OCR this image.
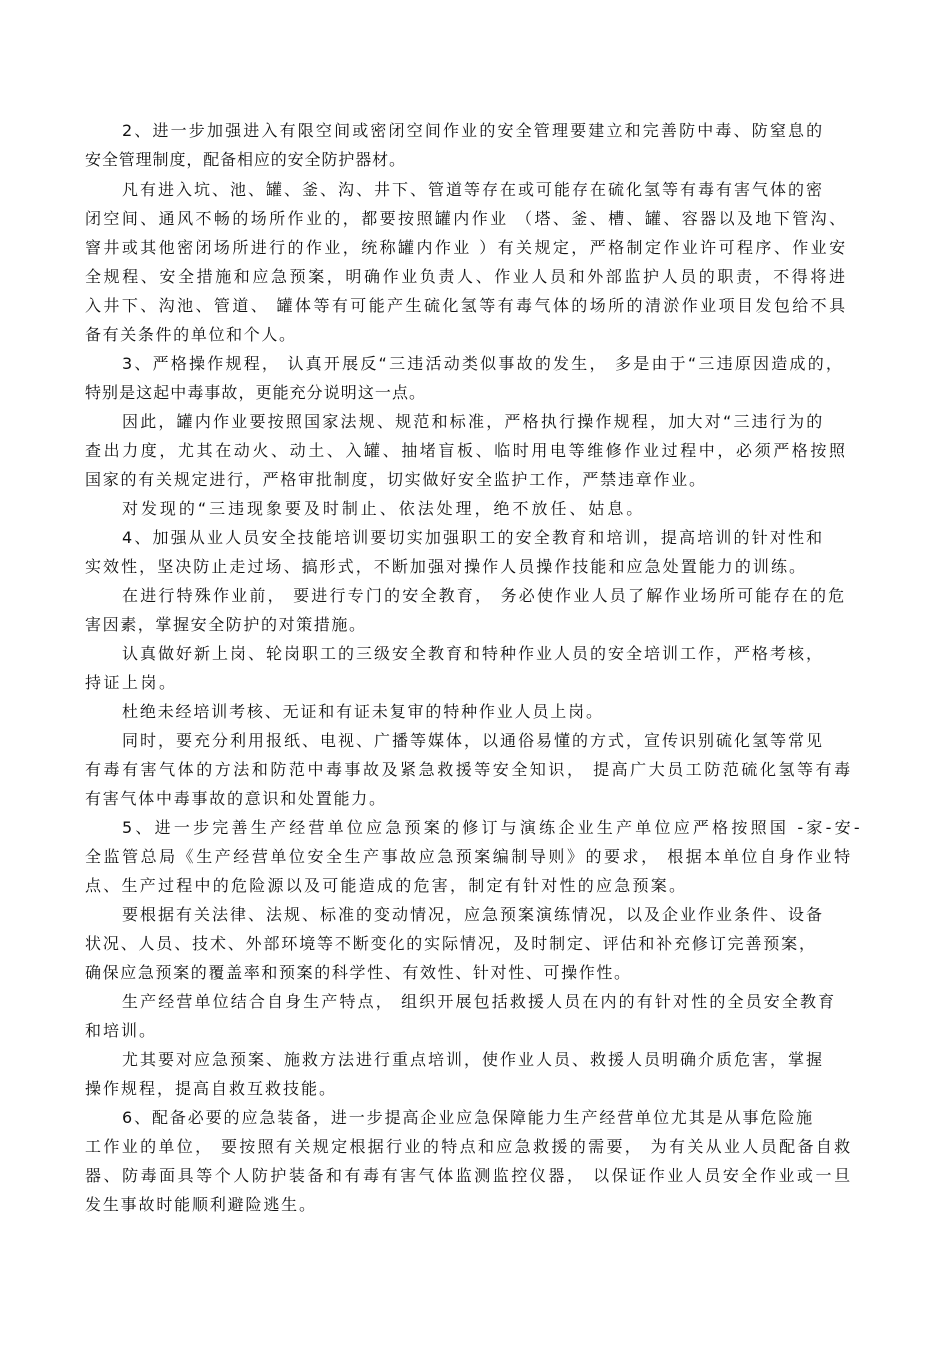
2、进一步加强进入有限空间或密闭空间作业的安全管理要建立和完善防中毒、防窒息的

安全管理制度，配备相应的安全防护器材。

凡有进入坑、池、罐、釜、沟、井下、管道等存在或可能存在硫化氢等有毒有害气体的密

闭空间、通风不畅的场所作业的，都要按照罐内作业 （塔、釜、槽、罐、容器以及地下管沟、

窨井或其他密闭场所进行的作业，统称罐内作业 ）有关规定，严格制定作业许可程序、作业安

全规程、安全措施和应急预案，明确作业负责人、作业人员和外部监护人员的职责，不得将进

入井下、沟池、管道、 罐体等有可能产生硫化氢等有毒气体的场所的清淤作业项目发包给不具

备有关条件的单位和个人。

3、严格操作规程， 认真开展反“三违活动类似事故的发生， 多是由于“三违原因造成的，

特别是这起中毒事故，更能充分说明这一点。

因此，罐内作业要按照国家法规、规范和标准，严格执行操作规程，加大对“三违行为的

查出力度，尤其在动火、动土、入罐、抽堵盲板、临时用电等维修作业过程中，必须严格按照

国家的有关规定进行，严格审批制度，切实做好安全监护工作，严禁违章作业。

对发现的“三违现象要及时制止、依法处理，绝不放任、姑息。

4、加强从业人员安全技能培训要切实加强职工的安全教育和培训，提高培训的针对性和

实效性，坚决防止走过场、搞形式，不断加强对操作人员操作技能和应急处置能力的训练。

在进行特殊作业前， 要进行专门的安全教育， 务必使作业人员了解作业场所可能存在的危

害因素，掌握安全防护的对策措施。

认真做好新上岗、轮岗职工的三级安全教育和特种作业人员的安全培训工作，严格考核，

持证上岗。

杜绝未经培训考核、无证和有证未复审的特种作业人员上岗。

同时，要充分利用报纸、电视、广播等媒体，以通俗易懂的方式，宣传识别硫化氢等常见

有毒有害气体的方法和防范中毒事故及紧急救援等安全知识， 提高广大员工防范硫化氢等有毒

有害气体中毒事故的意识和处置能力。

5、进一步完善生产经营单位应急预案的修订与演练企业生产单位应严格按照国 -家-安-

全监管总局《生产经营单位安全生产事故应急预案编制导则》的要求， 根据本单位自身作业特

点、生产过程中的危险源以及可能造成的危害，制定有针对性的应急预案。

要根据有关法律、法规、标准的变动情况，应急预案演练情况，以及企业作业条件、设备

状况、人员、技术、外部环境等不断变化的实际情况，及时制定、评估和补充修订完善预案，

确保应急预案的覆盖率和预案的科学性、有效性、针对性、可操作性。

生产经营单位结合自身生产特点， 组织开展包括救援人员在内的有针对性的全员安全教育

和培训。

尤其要对应急预案、施救方法进行重点培训，使作业人员、救援人员明确介质危害，掌握

操作规程，提高自救互救技能。

6、配备必要的应急装备，进一步提高企业应急保障能力生产经营单位尤其是从事危险施

工作业的单位， 要按照有关规定根据行业的特点和应急救援的需要， 为有关从业人员配备自救

器、防毒面具等个人防护装备和有毒有害气体监测监控仪器， 以保证作业人员安全作业或一旦

发生事故时能顺利避险逃生。
